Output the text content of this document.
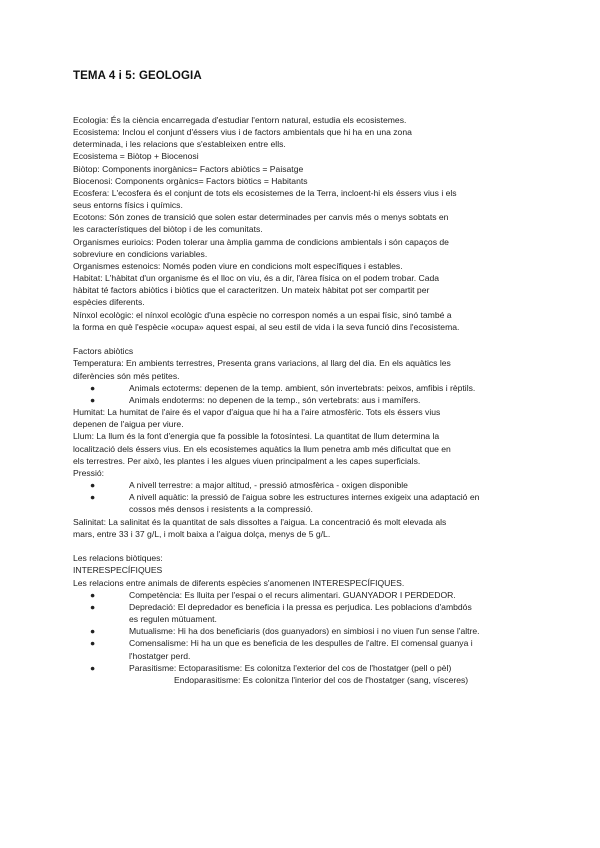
TEMA 4 i 5: GEOLOGIA

Ecologia: És la ciència encarregada d'estudiar l'entorn natural, estudia els ecosistemes.

Ecosistema: Inclou el conjunt d'éssers vius i de factors ambientals que hi ha en una zona

determinada, i les relacions que s'estableixen entre ells.

Ecosistema = Biòtop + Biocenosi

Biòtop: Components inorgànics= Factors abiòtics = Paisatge

Biocenosi: Components orgànics= Factors biòtics = Habitants

Ecosfera: L'ecosfera és el conjunt de tots els ecosistemes de la Terra, incloent-hi els éssers vius i els

seus entorns físics i químics.

Ecotons: Són zones de transició que solen estar determinades per canvis més o menys sobtats en

les característiques del biòtop i de les comunitats.

Organismes eurioics: Poden tolerar una àmplia gamma de condicions ambientals i són capaços de

sobreviure en condicions variables.

Organismes estenoics: Només poden viure en condicions molt específiques i estables.

Habitat: L'hàbitat d'un organisme és el lloc on viu, és a dir, l'àrea física on el podem trobar. Cada

hàbitat té factors abiòtics i biòtics que el caracteritzen. Un mateix hàbitat pot ser compartit per

espècies diferents.

Nínxol ecològic: el nínxol ecològic d'una espècie no correspon només a un espai físic, sinó també a

la forma en què l'espècie «ocupa» aquest espai, al seu estil de vida i la seva funció dins l'ecosistema.

Factors abiòtics

Temperatura: En ambients terrestres, Presenta grans variacions, al llarg del dia. En els aquàtics les

diferències són més petites.

●	Animals ectoterms: depenen de la temp. ambient, són invertebrats: peixos, amfibis i rèptils.

●	Animals endoterms: no depenen de la temp., són vertebrats: aus i mamífers.

Humitat: La humitat de l'aire és el vapor d'aigua que hi ha a l'aire atmosfèric. Tots els éssers vius

depenen de l'aigua per viure.

Llum: La llum és la font d'energia que fa possible la fotosíntesi. La quantitat de llum determina la

localització dels éssers vius. En els ecosistemes aquàtics la llum penetra amb més dificultat que en

els terrestres. Per això, les plantes i les algues viuen principalment a les capes superficials.

Pressió:

●	A nivell terrestre: a major altitud, - pressió atmosfèrica - oxigen disponible

●	A nivell aquàtic: la pressió de l'aigua sobre les estructures internes exigeix una adaptació en

cossos més densos i resistents a la compressió.

Salinitat: La salinitat és la quantitat de sals dissoltes a l'aigua. La concentració és molt elevada als

mars, entre 33 i 37 g/L, i molt baixa a l'aigua dolça, menys de 5 g/L.

Les relacions biòtiques:

INTERESPECÍFIQUES

Les relacions entre animals de diferents espècies s'anomenen INTERESPECÍFIQUES.

●	Competència: Es lluita per l'espai o el recurs alimentari. GUANYADOR I PERDEDOR.

●	Depredació: El depredador es beneficia i la pressa es perjudica. Les poblacions d'ambdós

es regulen mútuament.

●	Mutualisme: Hi ha dos beneficiaris (dos guanyadors) en simbiosi i no viuen l'un sense l'altre.

●	Comensalisme: Hi ha un que es beneficia de les despulles de l'altre. El comensal guanya i

l'hostatger perd.

●	Parasitisme: Ectoparasitisme: Es colonitza l'exterior del cos de l'hostatger (pell o pèl)

Endoparasitisme: Es colonitza l'interior del cos de l'hostatger (sang, vísceres)
